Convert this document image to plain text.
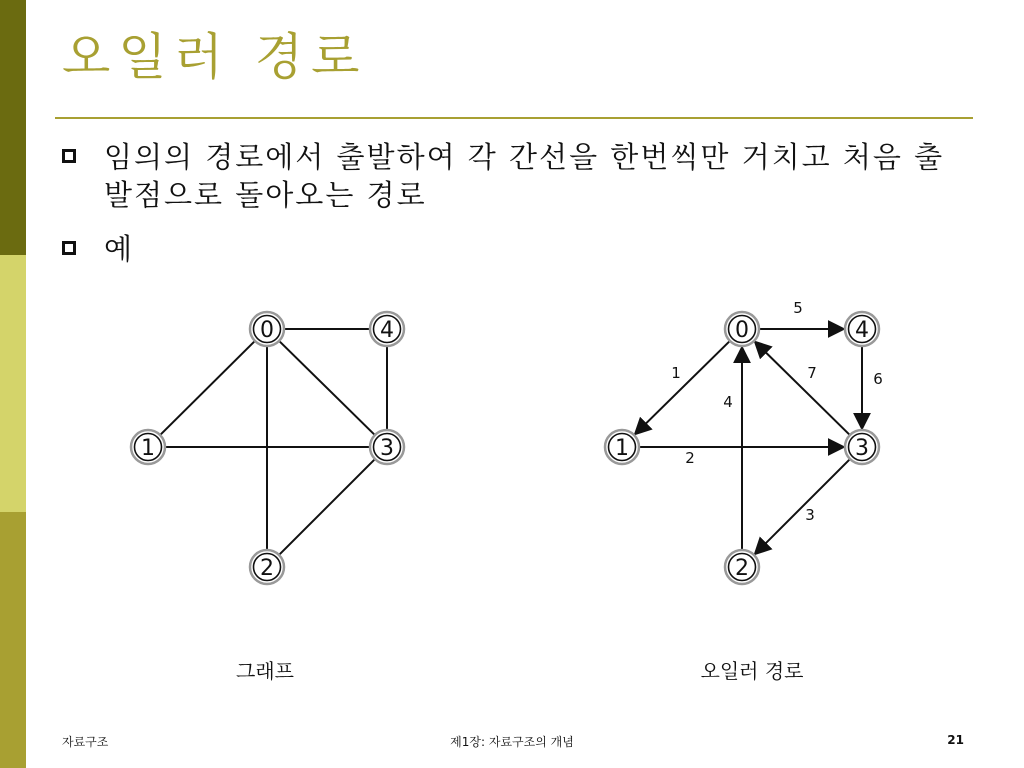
오일러 경로
임의의 경로에서 출발하여 각 간선을 한번씩만 거치고 처음 출발점으로 돌아오는 경로
예
0
1
2
3
4
1
2
3
4
5
6
7
0
1
2
3
4
그래프	오일러 경로
자료구조	제1장: 자료구조의 개념	21
